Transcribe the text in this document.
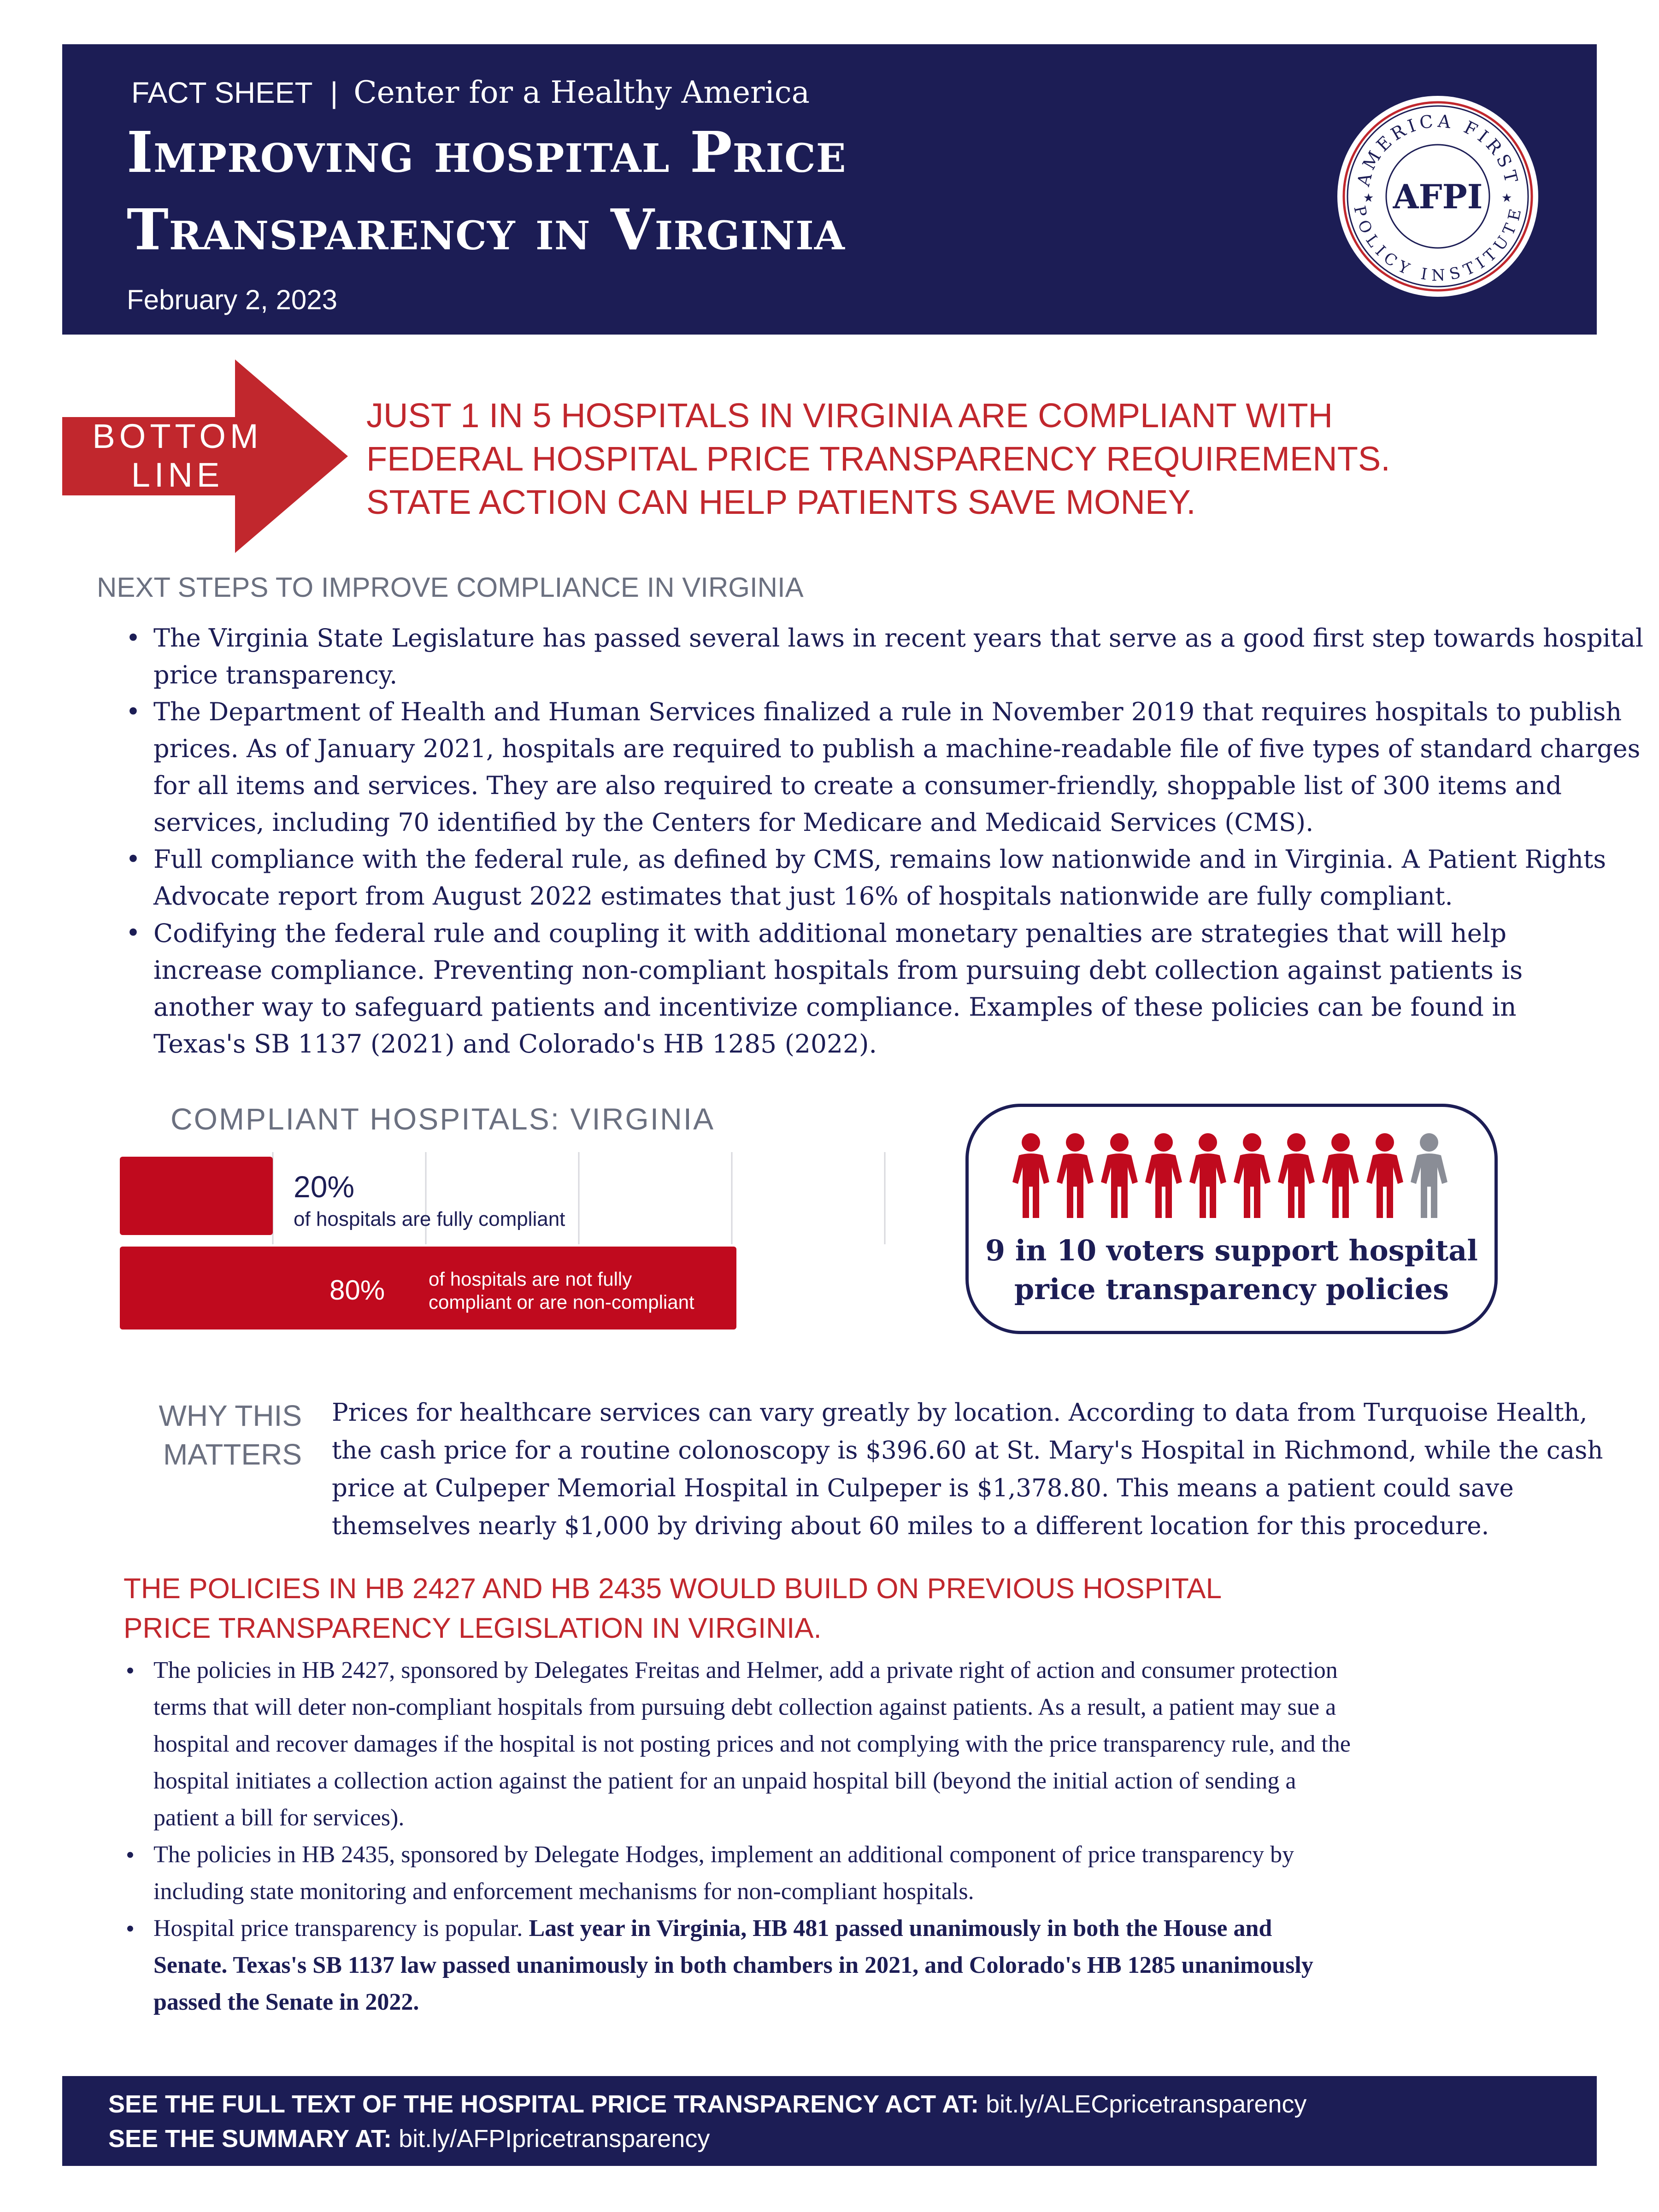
FACT SHEET | Center for a Healthy America
Improving hospital Price
Transparency in Virginia
February 2, 2023
AMERICA FIRST
POLICY INSTITUTE
★	★
AFPI
BOTTOM
LINE
JUST 1 IN 5 HOSPITALS IN VIRGINIA ARE COMPLIANT WITH
FEDERAL HOSPITAL PRICE TRANSPARENCY REQUIREMENTS.
STATE ACTION CAN HELP PATIENTS SAVE MONEY.
NEXT STEPS TO IMPROVE COMPLIANCE IN VIRGINIA
• The Virginia State Legislature has passed several laws in recent years that serve as a good first step towards hospital
price transparency.
• The Department of Health and Human Services finalized a rule in November 2019 that requires hospitals to publish
prices. As of January 2021, hospitals are required to publish a machine-readable file of five types of standard charges
for all items and services. They are also required to create a consumer-friendly, shoppable list of 300 items and
services, including 70 identified by the Centers for Medicare and Medicaid Services (CMS).
• Full compliance with the federal rule, as defined by CMS, remains low nationwide and in Virginia. A Patient Rights
Advocate report from August 2022 estimates that just 16% of hospitals nationwide are fully compliant.
• Codifying the federal rule and coupling it with additional monetary penalties are strategies that will help
increase compliance. Preventing non-compliant hospitals from pursuing debt collection against patients is
another way to safeguard patients and incentivize compliance. Examples of these policies can be found in
Texas's SB 1137 (2021) and Colorado's HB 1285 (2022).
COMPLIANT HOSPITALS: VIRGINIA
20%
of hospitals are fully compliant
80% of hospitals are not fully
compliant or are non-compliant
9 in 10 voters support hospital
price transparency policies
WHY THIS
MATTERS
Prices for healthcare services can vary greatly by location. According to data from Turquoise Health,
the cash price for a routine colonoscopy is $396.60 at St. Mary's Hospital in Richmond, while the cash
price at Culpeper Memorial Hospital in Culpeper is $1,378.80. This means a patient could save
themselves nearly $1,000 by driving about 60 miles to a different location for this procedure.
THE POLICIES IN HB 2427 AND HB 2435 WOULD BUILD ON PREVIOUS HOSPITAL
PRICE TRANSPARENCY LEGISLATION IN VIRGINIA.
• The policies in HB 2427, sponsored by Delegates Freitas and Helmer, add a private right of action and consumer protection
terms that will deter non-compliant hospitals from pursuing debt collection against patients. As a result, a patient may sue a
hospital and recover damages if the hospital is not posting prices and not complying with the price transparency rule, and the
hospital initiates a collection action against the patient for an unpaid hospital bill (beyond the initial action of sending a
patient a bill for services).
• The policies in HB 2435, sponsored by Delegate Hodges, implement an additional component of price transparency by
including state monitoring and enforcement mechanisms for non-compliant hospitals.
• Hospital price transparency is popular. Last year in Virginia, HB 481 passed unanimously in both the House and
Senate. Texas's SB 1137 law passed unanimously in both chambers in 2021, and Colorado's HB 1285 unanimously
passed the Senate in 2022.
SEE THE FULL TEXT OF THE HOSPITAL PRICE TRANSPARENCY ACT AT: bit.ly/ALECpricetransparency
SEE THE SUMMARY AT: bit.ly/AFPIpricetransparency
